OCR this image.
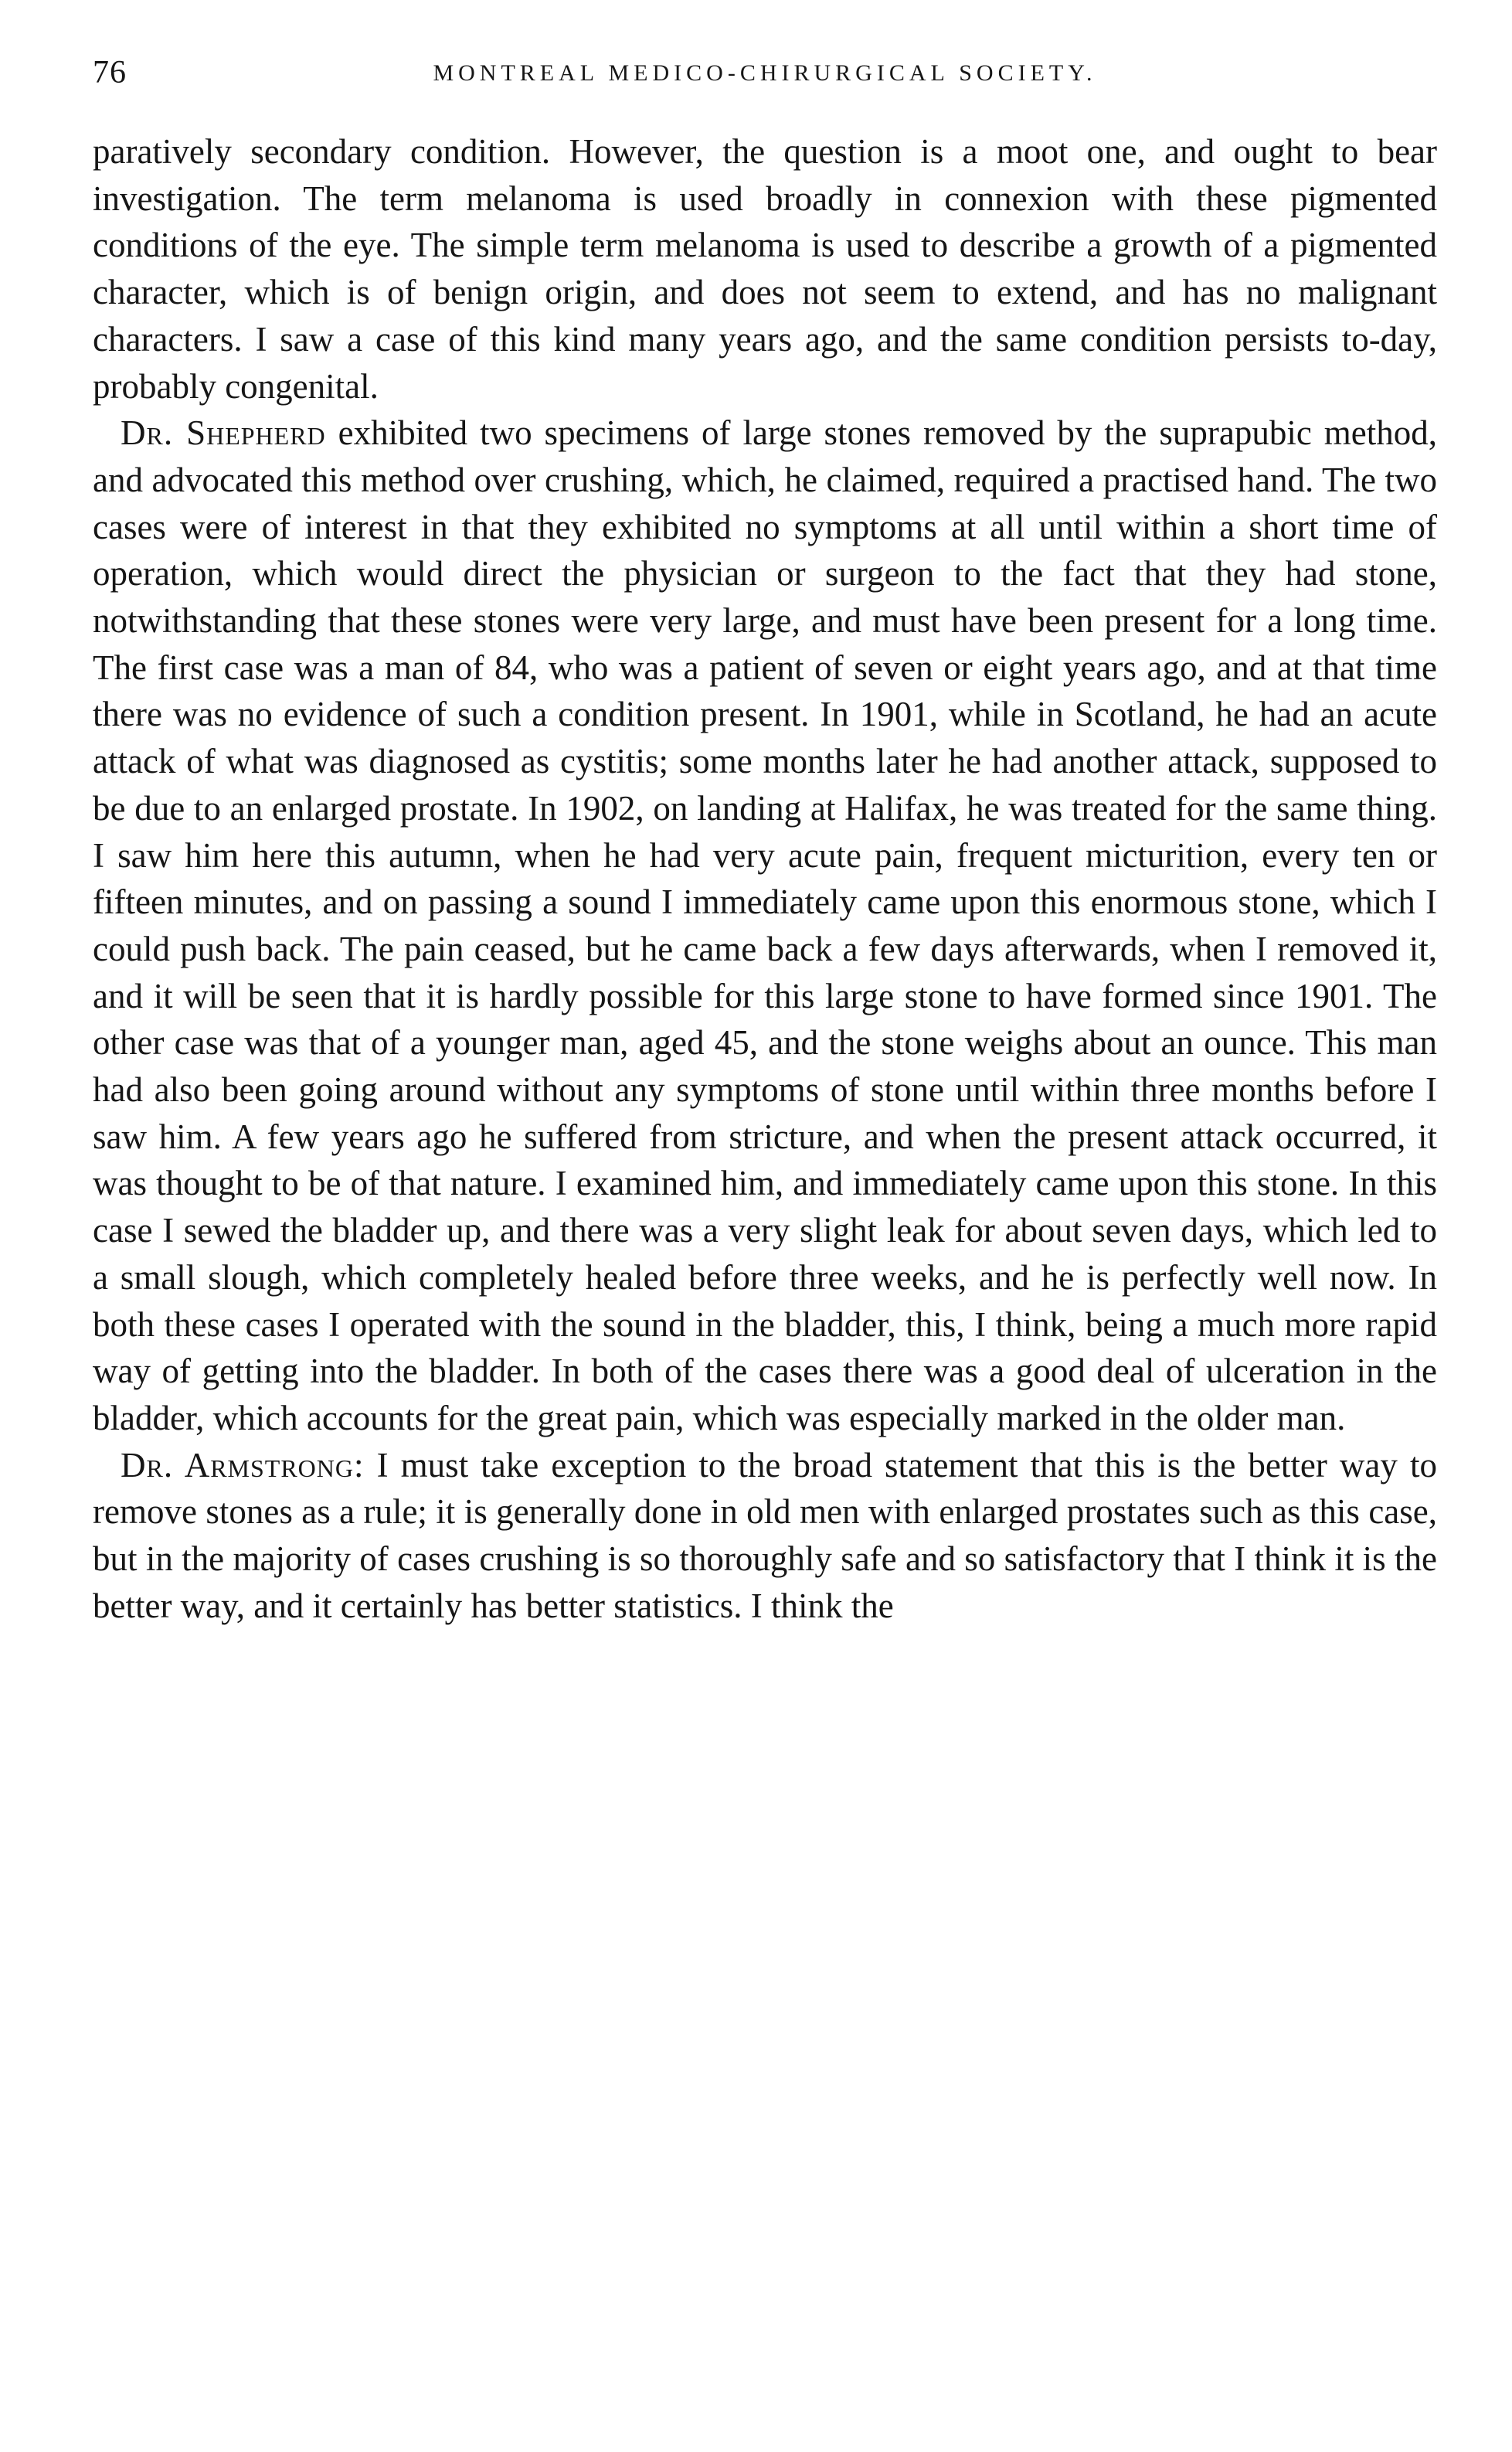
76	MONTREAL MEDICO-CHIRURGICAL SOCIETY.

paratively secondary condition. However, the question is a moot one, and ought to bear investigation. The term melanoma is used broadly in connexion with these pigmented conditions of the eye. The simple term melanoma is used to describe a growth of a pigmented character, which is of benign origin, and does not seem to extend, and has no malignant characters. I saw a case of this kind many years ago, and the same condition persists to-day, probably congenital.

Dr. Shepherd exhibited two specimens of large stones removed by the suprapubic method, and advocated this method over crushing, which, he claimed, required a practised hand. The two cases were of interest in that they exhibited no symptoms at all until within a short time of operation, which would direct the physician or surgeon to the fact that they had stone, notwithstanding that these stones were very large, and must have been present for a long time. The first case was a man of 84, who was a patient of seven or eight years ago, and at that time there was no evidence of such a condition present. In 1901, while in Scotland, he had an acute attack of what was diagnosed as cystitis; some months later he had another attack, supposed to be due to an enlarged prostate. In 1902, on landing at Halifax, he was treated for the same thing. I saw him here this autumn, when he had very acute pain, frequent micturition, every ten or fifteen minutes, and on passing a sound I immediately came upon this enormous stone, which I could push back. The pain ceased, but he came back a few days afterwards, when I removed it, and it will be seen that it is hardly possible for this large stone to have formed since 1901. The other case was that of a younger man, aged 45, and the stone weighs about an ounce. This man had also been going around without any symptoms of stone until within three months before I saw him. A few years ago he suffered from stricture, and when the present attack occurred, it was thought to be of that nature. I examined him, and immediately came upon this stone. In this case I sewed the bladder up, and there was a very slight leak for about seven days, which led to a small slough, which completely healed before three weeks, and he is perfectly well now. In both these cases I operated with the sound in the bladder, this, I think, being a much more rapid way of getting into the bladder. In both of the cases there was a good deal of ulceration in the bladder, which accounts for the great pain, which was especially marked in the older man.

Dr. Armstrong: I must take exception to the broad statement that this is the better way to remove stones as a rule; it is generally done in old men with enlarged prostates such as this case, but in the majority of cases crushing is so thoroughly safe and so satisfactory that I think it is the better way, and it certainly has better statistics. I think the
